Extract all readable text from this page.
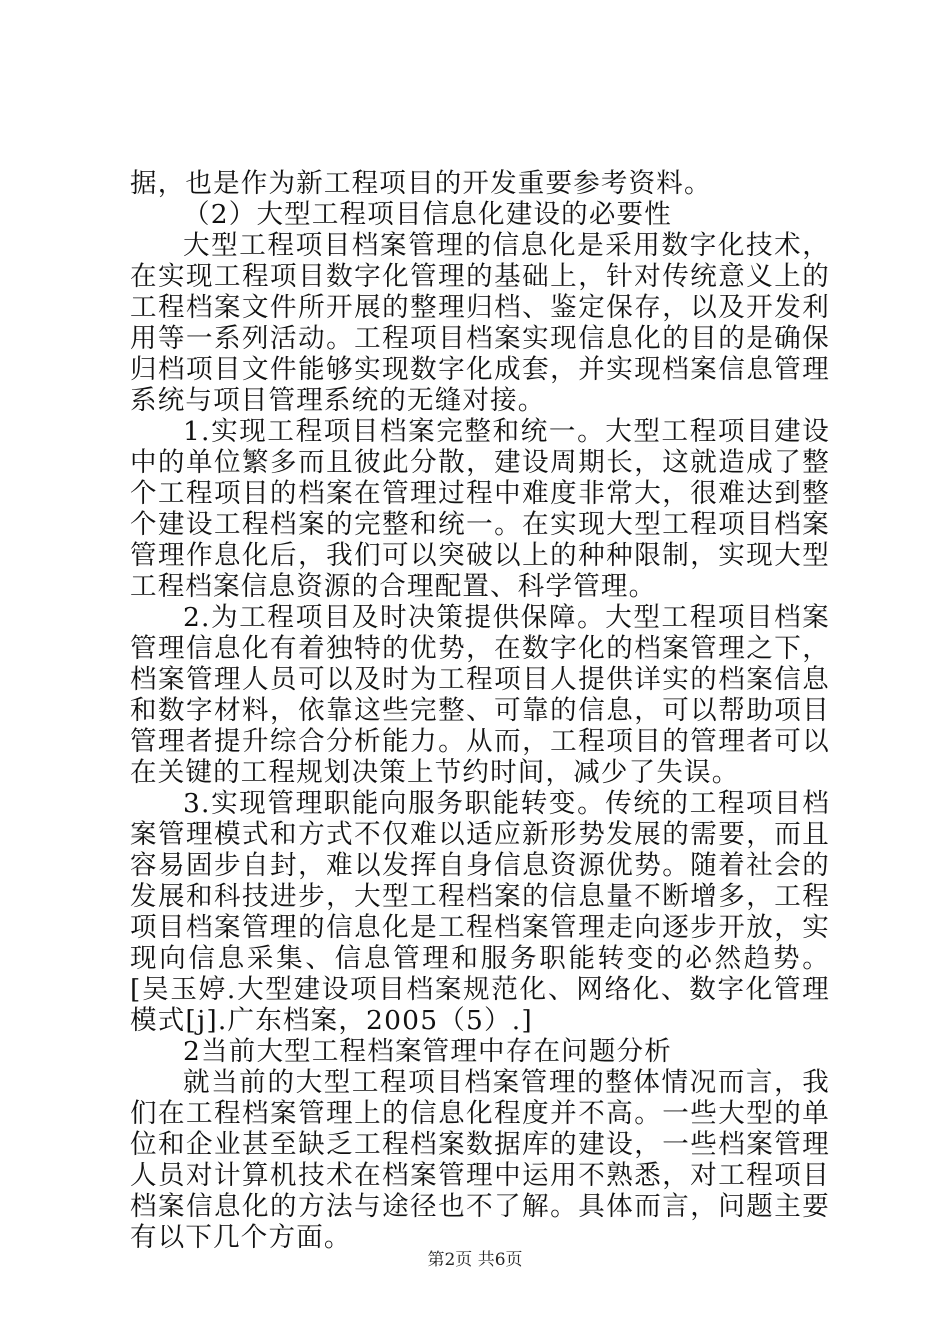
据，也是作为新工程项目的开发重要参考资料。

（2）大型工程项目信息化建设的必要性

大型工程项目档案管理的信息化是采用数字化技术，在实现工程项目数字化管理的基础上，针对传统意义上的工程档案文件所开展的整理归档、鉴定保存，以及开发利用等一系列活动。工程项目档案实现信息化的目的是确保归档项目文件能够实现数字化成套，并实现档案信息管理系统与项目管理系统的无缝对接。

1.实现工程项目档案完整和统一。大型工程项目建设中的单位繁多而且彼此分散，建设周期长，这就造成了整个工程项目的档案在管理过程中难度非常大，很难达到整个建设工程档案的完整和统一。在实现大型工程项目档案管理作息化后，我们可以突破以上的种种限制，实现大型工程档案信息资源的合理配置、科学管理。

2.为工程项目及时决策提供保障。大型工程项目档案管理信息化有着独特的优势，在数字化的档案管理之下，档案管理人员可以及时为工程项目人提供详实的档案信息和数字材料，依靠这些完整、可靠的信息，可以帮助项目管理者提升综合分析能力。从而，工程项目的管理者可以在关键的工程规划决策上节约时间，减少了失误。

3.实现管理职能向服务职能转变。传统的工程项目档案管理模式和方式不仅难以适应新形势发展的需要，而且容易固步自封，难以发挥自身信息资源优势。随着社会的发展和科技进步，大型工程档案的信息量不断增多，工程项目档案管理的信息化是工程档案管理走向逐步开放，实现向信息采集、信息管理和服务职能转变的必然趋势。[吴玉婷.大型建设项目档案规范化、网络化、数字化管理模式[j].广东档案，2005（5）.]

2当前大型工程档案管理中存在问题分析

就当前的大型工程项目档案管理的整体情况而言，我们在工程档案管理上的信息化程度并不高。一些大型的单位和企业甚至缺乏工程档案数据库的建设，一些档案管理人员对计算机技术在档案管理中运用不熟悉，对工程项目档案信息化的方法与途径也不了解。具体而言，问题主要有以下几个方面。

第2页 共6页
